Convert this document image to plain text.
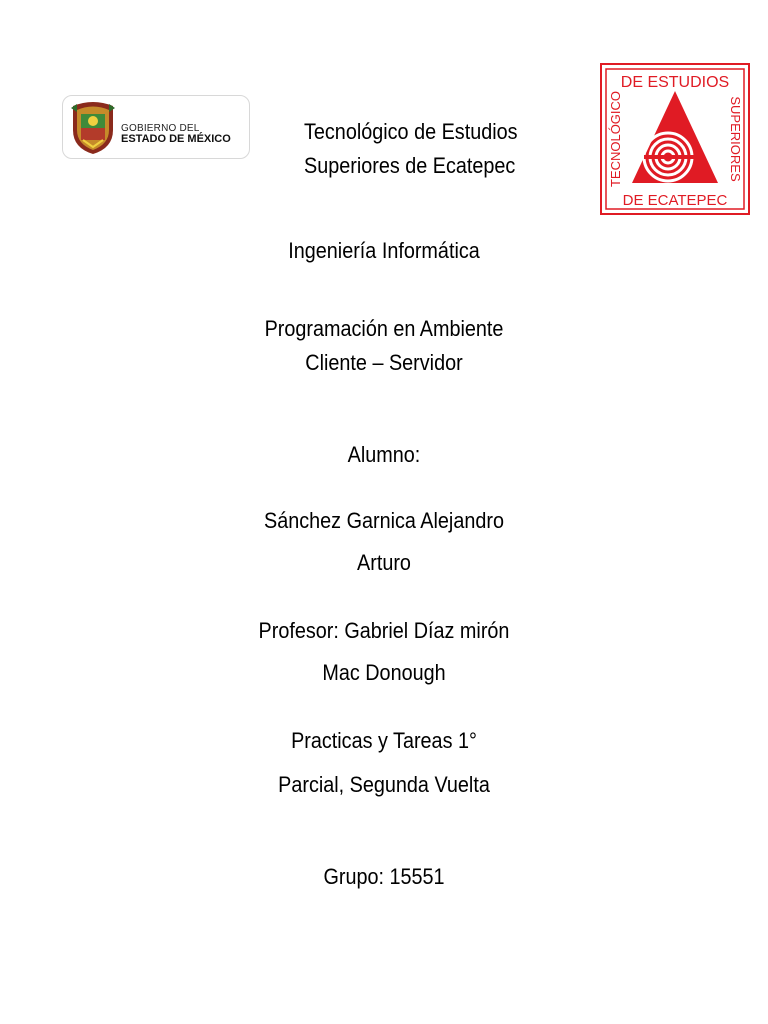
GOBIERNO DEL
ESTADO DE MÉXICO
DE ESTUDIOS
DE ECATEPEC
TECNOLÓGICO	SUPERIORES
Tecnológico de Estudios
Superiores de Ecatepec
Ingeniería Informática
Programación en Ambiente
Cliente – Servidor
Alumno:
Sánchez Garnica Alejandro
Arturo
Profesor: Gabriel Díaz mirón
Mac Donough
Practicas y Tareas 1°
Parcial, Segunda Vuelta
Grupo: 15551
